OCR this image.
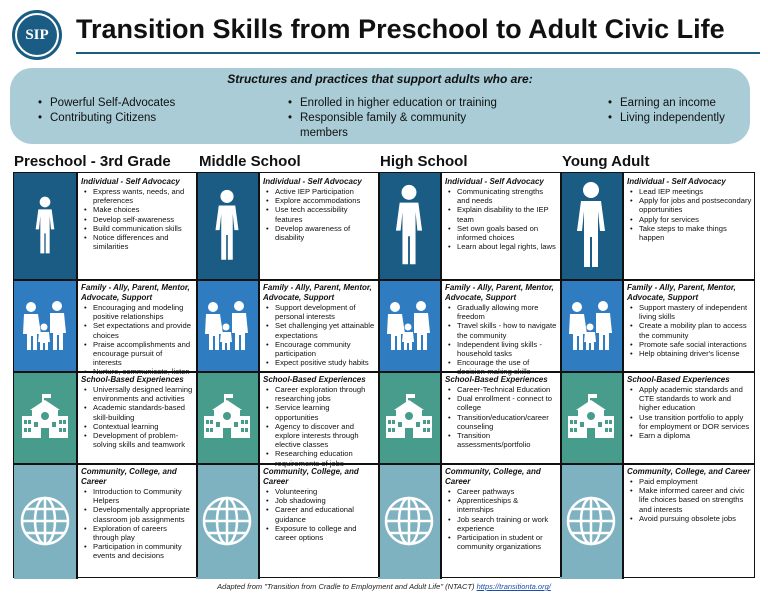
SIP	Transition Skills from Preschool to Adult Civic Life
Structures and practices that support adults who are:
• Powerful Self-Advocates
• Contributing Citizens
• Enrolled in higher education or training
• Responsible family & community members
• Earning an income
• Living independently
Preschool - 3rd Grade Middle School	High School	Young Adult
Individual - Self Advocacy
• Express wants, needs, and preferences
• Make choices
• Develop self-awareness
• Build communication skills
• Notice differences and similarities
Individual - Self Advocacy
• Active IEP Participation
• Explore accommodations
• Use tech accessibility features
• Develop awareness of disability
Individual - Self Advocacy
• Communicating strengths and needs
• Explain disability to the IEP team
• Set own goals based on informed choices
• Learn about legal rights, laws
Individual - Self Advocacy
• Lead IEP meetings
• Apply for jobs and postsecondary opportunities
• Apply for services
• Take steps to make things happen
Family - Ally, Parent, Mentor, Advocate, Support
• Encouraging and modeling positive relationships
• Set expectations and provide choices
• Praise accomplishments and encourage pursuit of interests
•
Family - Ally, Parent, Mentor, Advocate, Support
• Support development of personal interests
• Set challenging yet attainable expectations
• Encourage community participation
• Expect positive study habits
Family - Ally, Parent, Mentor, Advocate, Support
• Gradually allowing more freedom
• Travel skills - how to navigate the community
• Independent living skills - household tasks
• Encourage the use of
Family - Ally, Parent, Mentor, Advocate, Support
• Support mastery of independent living skills
• Create a mobility plan to access the community
• Promote safe social interactions
• Help obtaining driver's license
School-Based Experiences
• Universally designed learning environments and activities
• Academic standards-based skill-building
• Contextual learning
• Development of problem-solving skills and teamwork
School-Based Experiences
• Career exploration through researching jobs
• Service learning opportunities
• Agency to discover and explore interests through elective classes
• Researching education
School-Based Experiences
• Career-Technical Education
• Dual enrollment - connect to college
• Transition/education/career counseling
• Transition assessments/portfolio
School-Based Experiences
• Apply academic standards and CTE standards to work and higher education
• Use transition portfolio to apply for employment or DOR services
• Earn a diploma
Community, College, and Career
• Introduction to Community Helpers
• Developmentally appropriate classroom job assignments
• Exploration of careers through play
• Participation in community events and decisions
Community, College, and Career
• Volunteering
• Job shadowing
• Career and educational guidance
• Exposure to college and career options
Community, College, and Career
• Career pathways
• Apprenticeships & internships
• Job search training or work experience
• Participation in student or community organizations
Community, College, and Career
• Paid employment
• Make informed career and civic life choices based on strengths and interests
• Avoid pursuing obsolete jobs
Adapted from "Transition from Cradle to Employment and Adult Life" (NTACT) https://transitionta.org/
